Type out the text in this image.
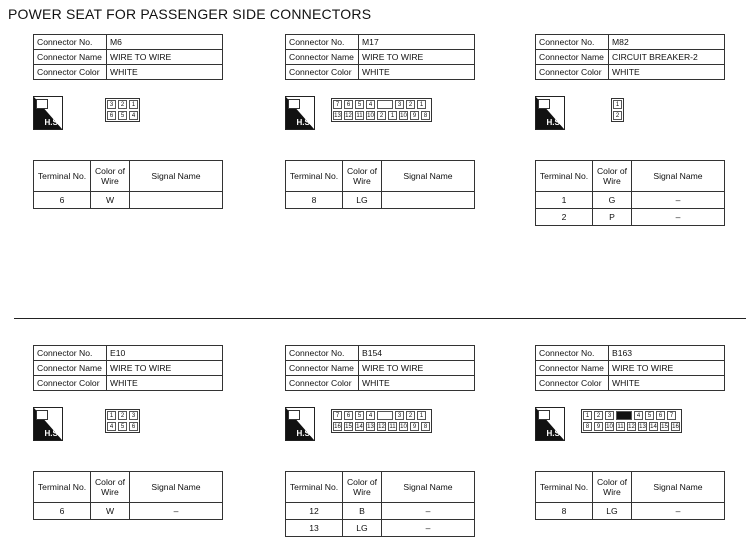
POWER SEAT FOR PASSENGER SIDE CONNECTORS
Connector No.	M6
Connector Name	WIRE TO WIRE
Connector Color	WHITE
H.S.
3	2	1
6	5	4
Terminal No.	Color of Wire	Signal Name
6	W	
Connector No.	M17
Connector Name	WIRE TO WIRE
Connector Color	WHITE
H.S.
7	6	5	4	3	2	1
13 12 11 10 2	1 10 9	8
Terminal No.	Color of Wire	Signal Name
8	LG	
Connector No.	M82
Connector Name	CIRCUIT BREAKER-2
Connector Color	WHITE
H.S.
1
2
Terminal No.	Color of Wire	Signal Name
1	G	–
2	P	–
Connector No.	E10
Connector Name	WIRE TO WIRE
Connector Color	WHITE
H.S.
1	2	3
4	5	6
Terminal No.	Color of Wire	Signal Name
6	W	–
Connector No.	B154
Connector Name	WIRE TO WIRE
Connector Color	WHITE
H.S.
7	6	5	4	3	2	1
16 15 14 13 12 11 10 9	8
Terminal No.	Color of Wire	Signal Name
12	B	–
13	LG	–
Connector No.	B163
Connector Name	WIRE TO WIRE
Connector Color	WHITE
H.S.
1	2	3	4	5	6	7
8	9 10 11 12 13 14 15 16
Terminal No.	Color of Wire	Signal Name
8	LG	–
